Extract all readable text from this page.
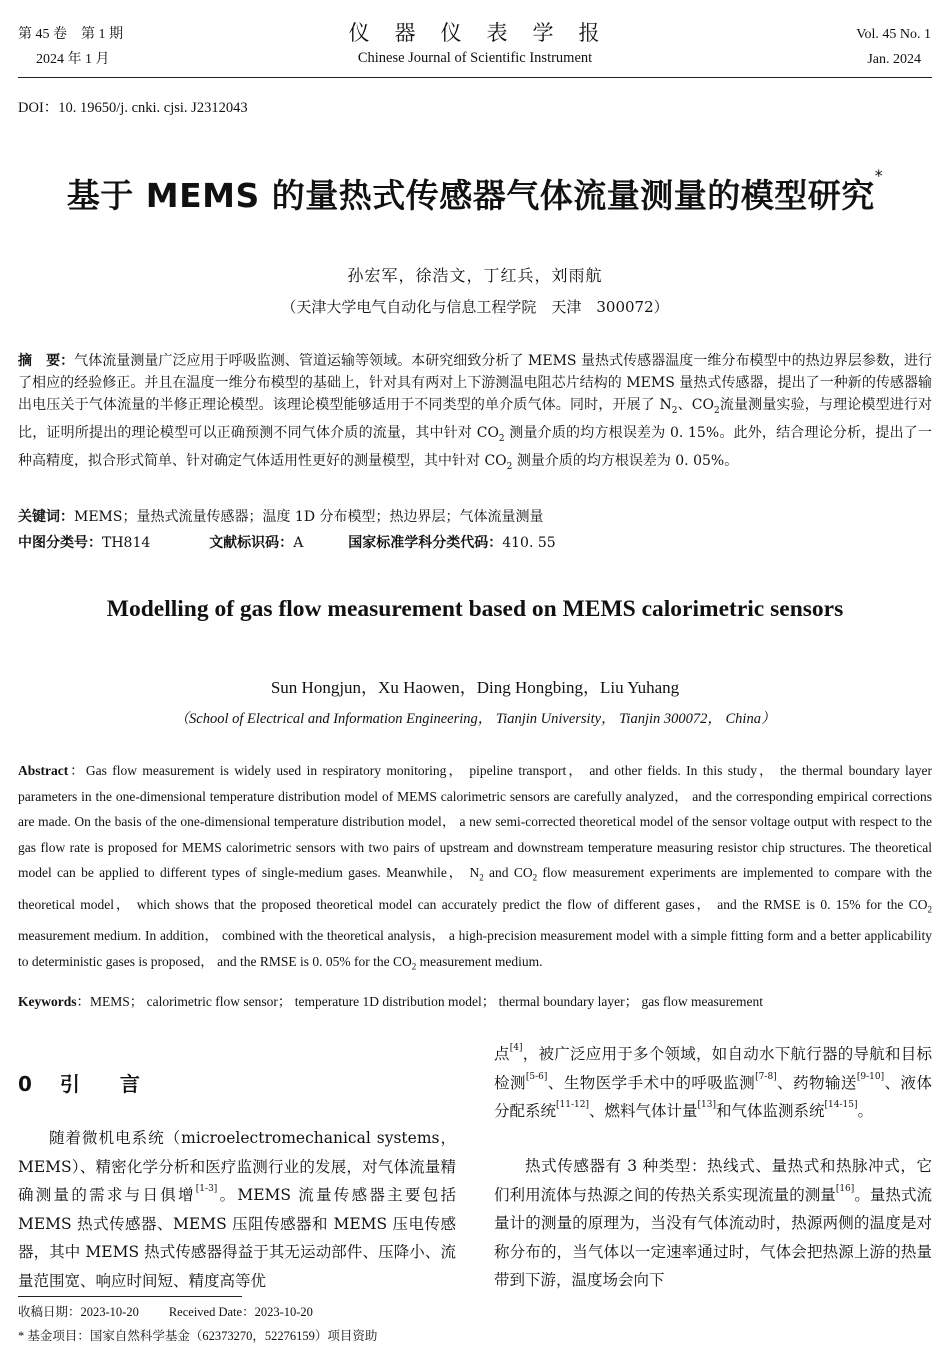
第 45 卷　第 1 期
2024 年 1 月
仪　器　仪　表　学　报
Chinese Journal of Scientific Instrument
Vol. 45 No. 1
Jan. 2024
DOI：10. 19650/j. cnki. cjsi. J2312043
基于 MEMS 的量热式传感器气体流量测量的模型研究*
孙宏军，徐浩文，丁红兵，刘雨航
（天津大学电气自动化与信息工程学院　天津　300072）
摘　要：气体流量测量广泛应用于呼吸监测、管道运输等领域。本研究细致分析了 MEMS 量热式传感器温度一维分布模型中的热边界层参数，进行了相应的经验修正。并且在温度一维分布模型的基础上，针对具有两对上下游测温电阻芯片结构的 MEMS 量热式传感器，提出了一种新的传感器输出电压关于气体流量的半修正理论模型。该理论模型能够适用于不同类型的单介质气体。同时，开展了 $N_2$、$CO_2$流量测量实验，与理论模型进行对比，证明所提出的理论模型可以正确预测不同气体介质的流量，其中针对 $CO_2$ 测量介质的均方根误差为 0. 15%。此外，结合理论分析，提出了一种高精度，拟合形式简单、针对确定气体适用性更好的测量模型，其中针对 $CO_2$ 测量介质的均方根误差为 0. 05%。
关键词：MEMS；量热式流量传感器；温度 1D 分布模型；热边界层；气体流量测量
中图分类号：TH814	文献标识码：A	国家标准学科分类代码：410. 55
Modelling of gas flow measurement based on MEMS calorimetric sensors
Sun Hongjun，Xu Haowen，Ding Hongbing，Liu Yuhang
（School of Electrical and Information Engineering， Tianjin University， Tianjin 300072， China）
Abstract：Gas flow measurement is widely used in respiratory monitoring， pipeline transport， and other fields. In this study， the thermal boundary layer parameters in the one-dimensional temperature distribution model of MEMS calorimetric sensors are carefully analyzed， and the corresponding empirical corrections are made. On the basis of the one-dimensional temperature distribution model， a new semi-corrected theoretical model of the sensor voltage output with respect to the gas flow rate is proposed for MEMS calorimetric sensors with two pairs of upstream and downstream temperature measuring resistor chip structures. The theoretical model can be applied to different types of single-medium gases. Meanwhile， $N_2$ and $CO_2$ flow measurement experiments are implemented to compare with the theoretical model， which shows that the proposed theoretical model can accurately predict the flow of different gases， and the RMSE is 0. 15% for the $CO_2$ measurement medium. In addition， combined with the theoretical analysis， a high-precision measurement model with a simple fitting form and a better applicability to deterministic gases is proposed， and the RMSE is 0. 05% for the $CO_2$ measurement medium.
Keywords：MEMS； calorimetric flow sensor； temperature 1D distribution model； thermal boundary layer； gas flow measurement
0 引　　言
随着微机电系统（microelectromechanical systems，MEMS）、精密化学分析和医疗监测行业的发展，对气体流量精确测量的需求与日俱增[1-3]。MEMS 流量传感器主要包括 MEMS 热式传感器、MEMS 压阻传感器和 MEMS 压电传感器，其中 MEMS 热式传感器得益于其无运动部件、压降小、流量范围宽、响应时间短、精度高等优
点[4]，被广泛应用于多个领域，如自动水下航行器的导航和目标检测[5-6]、生物医学手术中的呼吸监测[7-8]、药物输送[9-10]、液体分配系统[11-12]、燃料气体计量[13]和气体监测系统[14-15]。
热式传感器有 3 种类型：热线式、量热式和热脉冲式，它们利用流体与热源之间的传热关系实现流量的测量[16]。量热式流量计的测量的原理为，当没有气体流动时，热源两侧的温度是对称分布的，当气体以一定速率通过时，气体会把热源上游的热量带到下游，温度场会向下
收稿日期：2023-10-20 Received Date：2023-10-20
* 基金项目：国家自然科学基金（62373270，52276159）项目资助
